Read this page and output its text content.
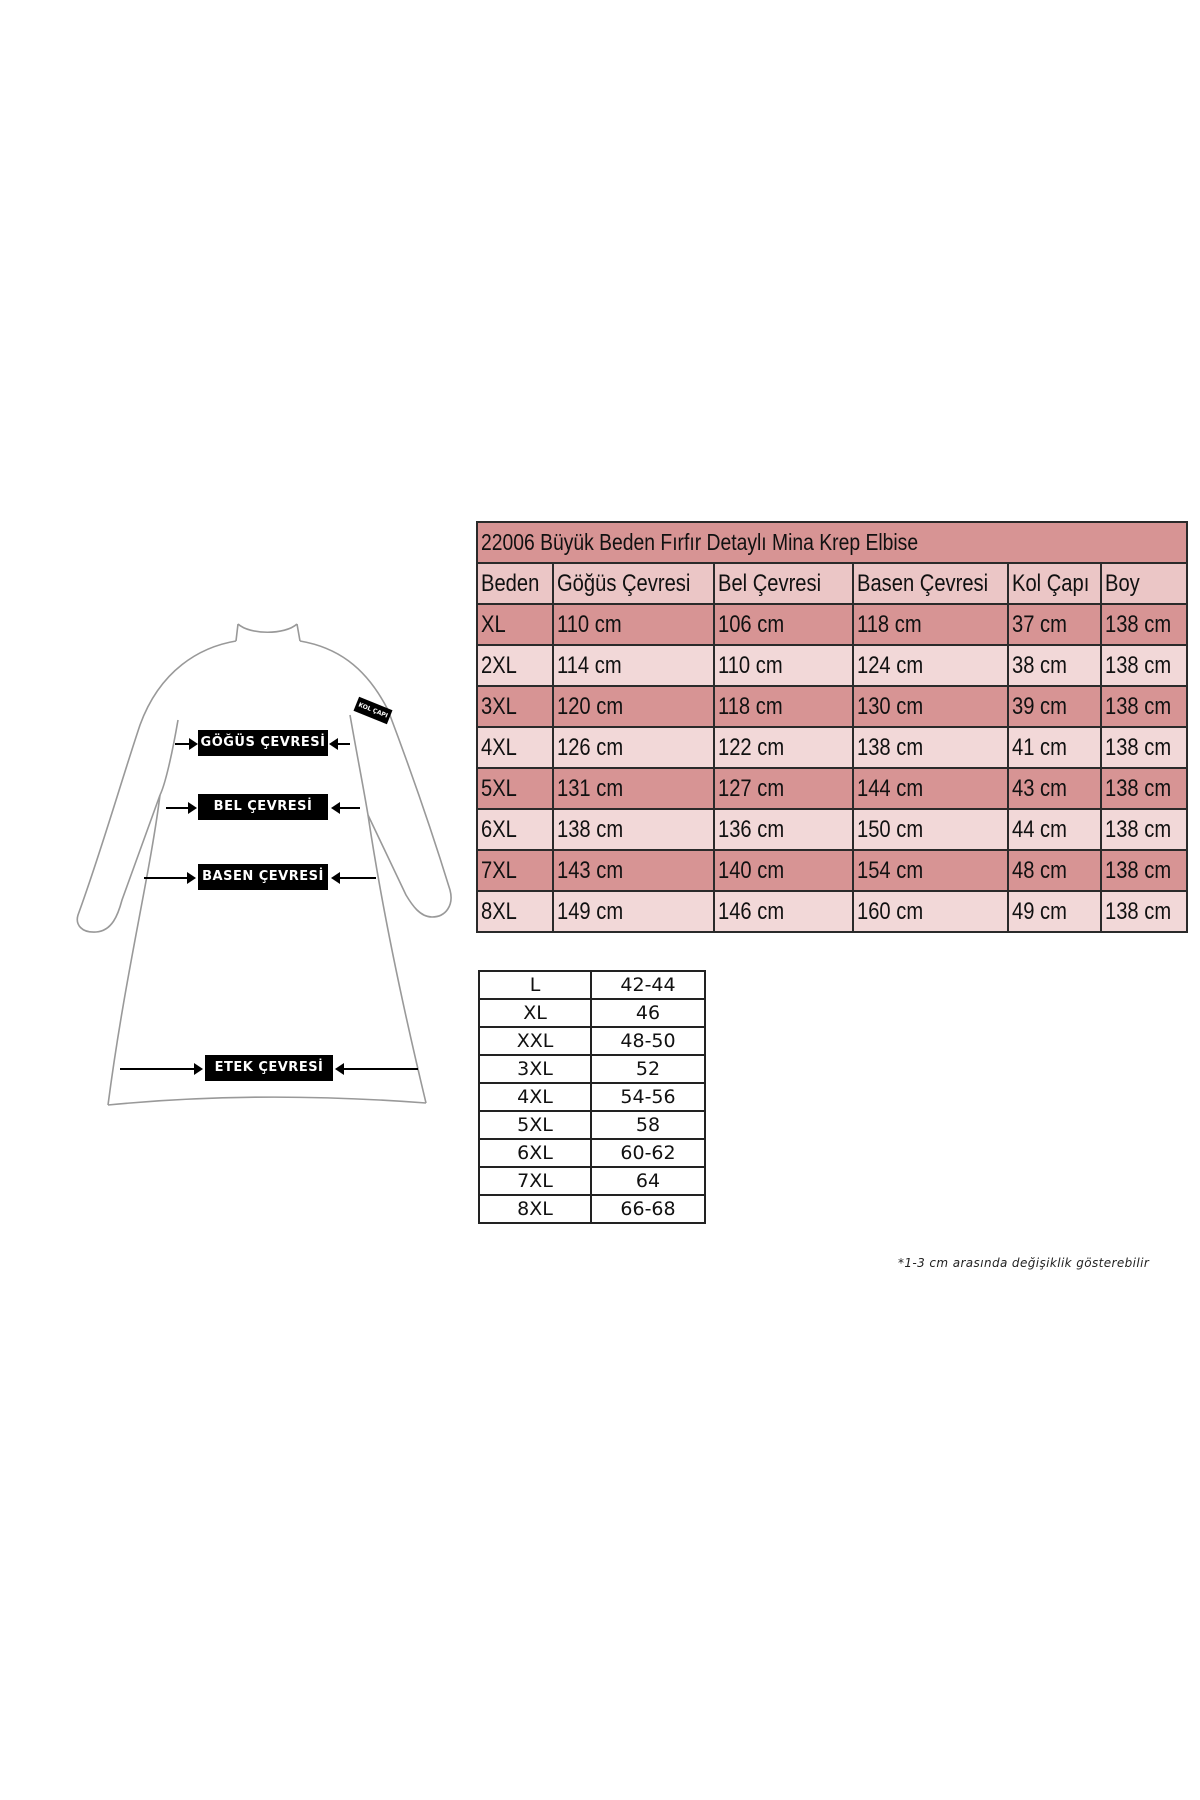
GÖĞÜS ÇEVRESİ
BEL ÇEVRESİ
BASEN ÇEVRESİ
ETEK ÇEVRESİ
KOL ÇAPI
22006 Büyük Beden Fırfır Detaylı Mina Krep Elbise					
Beden	Göğüs Çevresi	Bel Çevresi	Basen Çevresi	Kol Çapı	Boy
XL	110 cm	106 cm	118 cm	37 cm	138 cm
2XL	114 cm	110 cm	124 cm	38 cm	138 cm
3XL	120 cm	118 cm	130 cm	39 cm	138 cm
4XL	126 cm	122 cm	138 cm	41 cm	138 cm
5XL	131 cm	127 cm	144 cm	43 cm	138 cm
6XL	138 cm	136 cm	150 cm	44 cm	138 cm
7XL	143 cm	140 cm	154 cm	48 cm	138 cm
8XL	149 cm	146 cm	160 cm	49 cm	138 cm
L	42-44
XL	46
XXL	48-50
3XL	52
4XL	54-56
5XL	58
6XL	60-62
7XL	64
8XL	66-68
*1-3 cm arasında değişiklik gösterebilir
